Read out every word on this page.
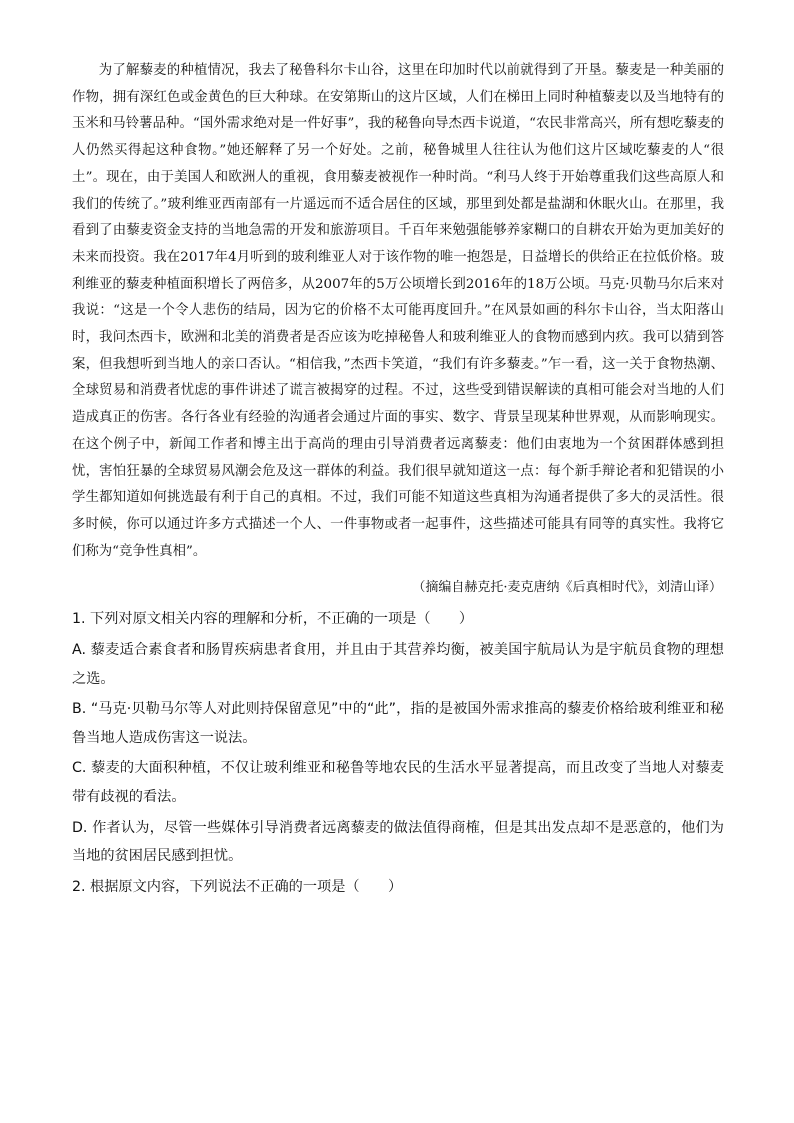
为了解藜麦的种植情况，我去了秘鲁科尔卡山谷，这里在印加时代以前就得到了开垦。藜麦是一种美丽的作物，拥有深红色或金黄色的巨大种球。在安第斯山的这片区域，人们在梯田上同时种植藜麦以及当地特有的玉米和马铃薯品种。“国外需求绝对是一件好事”，我的秘鲁向导杰西卡说道，“农民非常高兴，所有想吃藜麦的人仍然买得起这种食物。”她还解释了另一个好处。之前，秘鲁城里人往往认为他们这片区域吃藜麦的人“很土”。现在，由于美国人和欧洲人的重视，食用藜麦被视作一种时尚。“利马人终于开始尊重我们这些高原人和我们的传统了。”玻利维亚西南部有一片遥远而不适合居住的区域，那里到处都是盐湖和休眠火山。在那里，我看到了由藜麦资金支持的当地急需的开发和旅游项目。千百年来勉强能够养家糊口的自耕农开始为更加美好的未来而投资。我在2017年4月听到的玻利维亚人对于该作物的唯一抱怨是，日益增长的供给正在拉低价格。玻利维亚的藜麦种植面积增长了两倍多，从2007年的5万公顷增长到2016年的18万公顷。马克·贝勒马尔后来对我说：“这是一个令人悲伤的结局，因为它的价格不太可能再度回升。”在风景如画的科尔卡山谷，当太阳落山时，我问杰西卡，欧洲和北美的消费者是否应该为吃掉秘鲁人和玻利维亚人的食物而感到内疚。我可以猜到答案，但我想听到当地人的亲口否认。“相信我，”杰西卡笑道，“我们有许多藜麦。”乍一看，这一关于食物热潮、全球贸易和消费者忧虑的事件讲述了谎言被揭穿的过程。不过，这些受到错误解读的真相可能会对当地的人们造成真正的伤害。各行各业有经验的沟通者会通过片面的事实、数字、背景呈现某种世界观，从而影响现实。在这个例子中，新闻工作者和博主出于高尚的理由引导消费者远离藜麦：他们由衷地为一个贫困群体感到担忧，害怕狂暴的全球贸易风潮会危及这一群体的利益。我们很早就知道这一点：每个新手辩论者和犯错误的小学生都知道如何挑选最有利于自己的真相。不过，我们可能不知道这些真相为沟通者提供了多大的灵活性。很多时候，你可以通过许多方式描述一个人、一件事物或者一起事件，这些描述可能具有同等的真实性。我将它们称为“竞争性真相”。

（摘编自赫克托·麦克唐纳《后真相时代》，刘清山译）

1. 下列对原文相关内容的理解和分析，不正确的一项是（　　）

A. 藜麦适合素食者和肠胃疾病患者食用，并且由于其营养均衡，被美国宇航局认为是宇航员食物的理想之选。

B. “马克·贝勒马尔等人对此则持保留意见”中的“此”，指的是被国外需求推高的藜麦价格给玻利维亚和秘鲁当地人造成伤害这一说法。

C. 藜麦的大面积种植，不仅让玻利维亚和秘鲁等地农民的生活水平显著提高，而且改变了当地人对藜麦带有歧视的看法。

D. 作者认为，尽管一些媒体引导消费者远离藜麦的做法值得商榷，但是其出发点却不是恶意的，他们为当地的贫困居民感到担忧。

2. 根据原文内容，下列说法不正确的一项是（　　）
